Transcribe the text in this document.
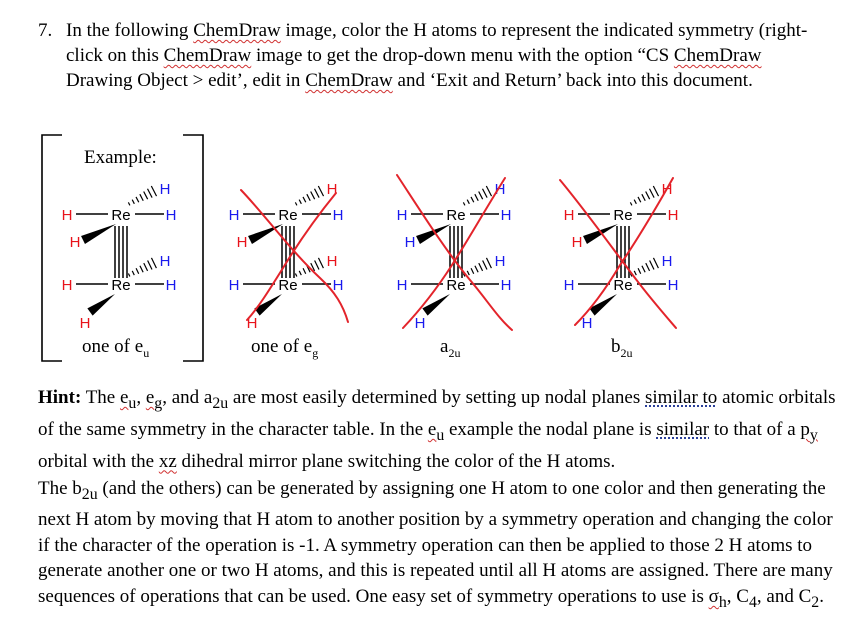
7. In the following ChemDraw image, color the H atoms to represent the indicated symmetry (right-click on this ChemDraw image to get the drop-down menu with the option “CS ChemDraw Drawing Object > edit’, edit in ChemDraw and ‘Exit and Return’ back into this document.
Example:
Re
H	H
H
H
Re
H	H
H
H
Re
H	H
H
H
Re
H	H
H
H
Re
H	H
H
H
Re
H	H
H
H
Re
H	H
H
H
Re
H	H
H
H
one of $e_u$	one of $e_g$	$a_{2u}$	$b_{2u}$
Hint: The $e_u$, $e_g$, and $a_{2u}$ are most easily determined by setting up nodal planes similar to atomic orbitals of the same symmetry in the character table. In the $e_u$ example the nodal plane is similar to that of a $p_y$ orbital with the xz dihedral mirror plane switching the color of the H atoms.
The $b_{2u}$ (and the others) can be generated by assigning one H atom to one color and then generating the next H atom by moving that H atom to another position by a symmetry operation and changing the color if the character of the operation is -1. A symmetry operation can then be applied to those 2 H atoms to generate another one or two H atoms, and this is repeated until all H atoms are assigned. There are many sequences of operations that can be used. One easy set of symmetry operations to use is $\sigma_h$, $C_4$, and $C_2$.
